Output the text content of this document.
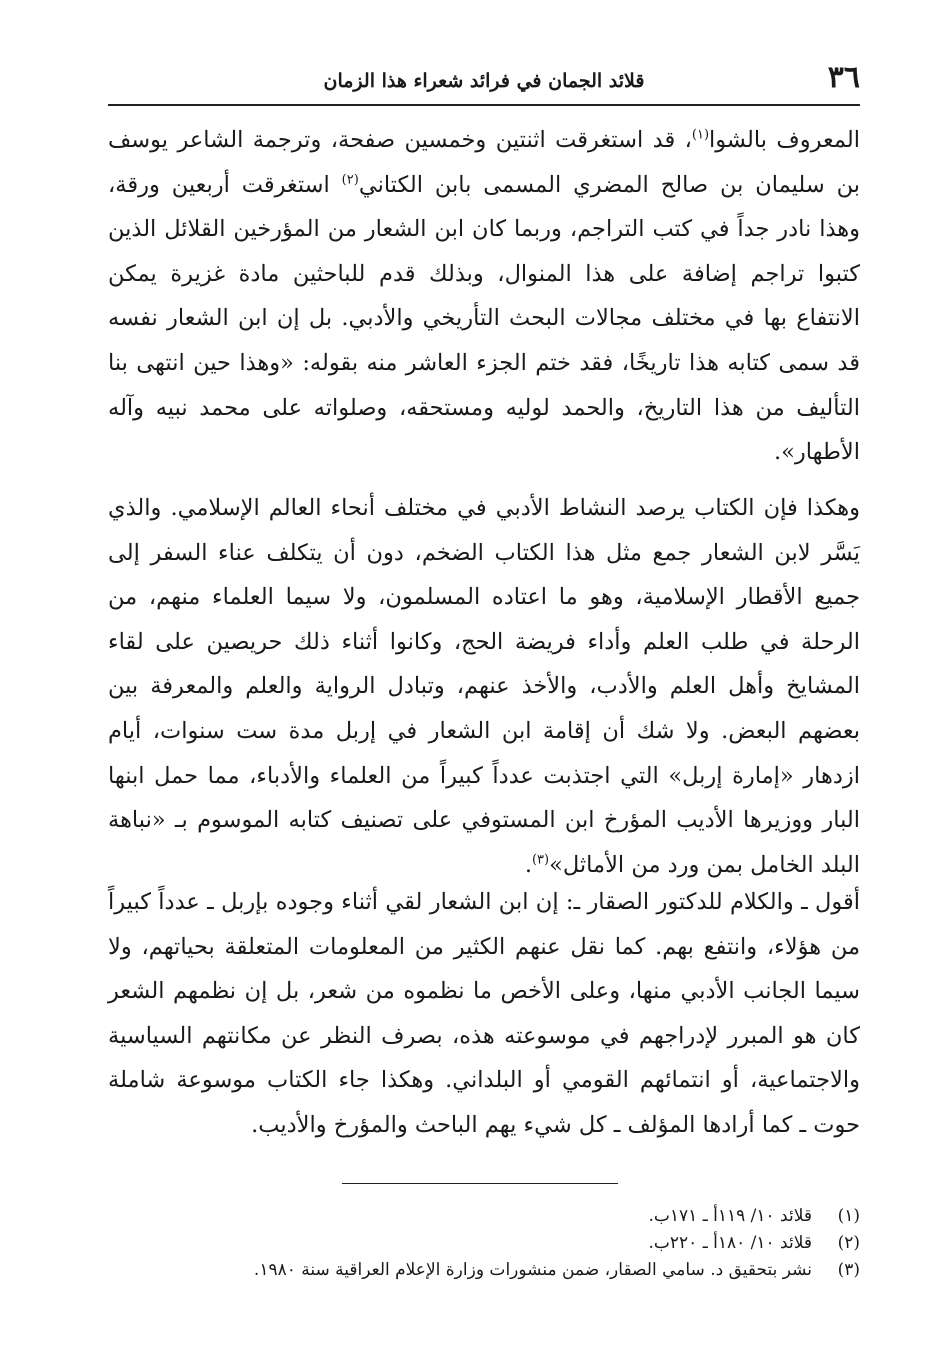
٣٦
قلائد الجمان في فرائد شعراء هذا الزمان
المعروف بالشوا$^{(١)}$، قد استغرقت اثنتين وخمسين صفحة، وترجمة الشاعر يوسف بن سليمان بن صالح المضري المسمى بابن الكتاني$^{(٢)}$ استغرقت أربعين ورقة، وهذا نادر جداً في كتب التراجم، وربما كان ابن الشعار من المؤرخين القلائل الذين كتبوا تراجم إضافة على هذا المنوال، وبذلك قدم للباحثين مادة غزيرة يمكن الانتفاع بها في مختلف مجالات البحث التأريخي والأدبي. بل إن ابن الشعار نفسه قد سمى كتابه هذا تاريخًا، فقد ختم الجزء العاشر منه بقوله: «وهذا حين انتهى بنا التأليف من هذا التاريخ، والحمد لوليه ومستحقه، وصلواته على محمد نبيه وآله الأطهار».
وهكذا فإن الكتاب يرصد النشاط الأدبي في مختلف أنحاء العالم الإسلامي. والذي يَسَّر لابن الشعار جمع مثل هذا الكتاب الضخم، دون أن يتكلف عناء السفر إلى جميع الأقطار الإسلامية، وهو ما اعتاده المسلمون، ولا سيما العلماء منهم، من الرحلة في طلب العلم وأداء فريضة الحج، وكانوا أثناء ذلك حريصين على لقاء المشايخ وأهل العلم والأدب، والأخذ عنهم، وتبادل الرواية والعلم والمعرفة بين بعضهم البعض. ولا شك أن إقامة ابن الشعار في إربل مدة ست سنوات، أيام ازدهار «إمارة إربل» التي اجتذبت عدداً كبيراً من العلماء والأدباء، مما حمل ابنها البار ووزيرها الأديب المؤرخ ابن المستوفي على تصنيف كتابه الموسوم بـ «نباهة البلد الخامل بمن ورد من الأماثل»$^{(٣)}$.
أقول ـ والكلام للدكتور الصقار ـ: إن ابن الشعار لقي أثناء وجوده بإربل ـ عدداً كبيراً من هؤلاء، وانتفع بهم. كما نقل عنهم الكثير من المعلومات المتعلقة بحياتهم، ولا سيما الجانب الأدبي منها، وعلى الأخص ما نظموه من شعر، بل إن نظمهم الشعر كان هو المبرر لإدراجهم في موسوعته هذه، بصرف النظر عن مكانتهم السياسية والاجتماعية، أو انتمائهم القومي أو البلداني. وهكذا جاء الكتاب موسوعة شاملة حوت ـ كما أرادها المؤلف ـ كل شيء يهم الباحث والمؤرخ والأديب.
(١)
قلائد ١٠/ ١١٩أ ـ ١٧١ب.
(٢)
قلائد ١٠/ ١٨٠أ ـ ٢٢٠ب.
(٣)
نشر بتحقيق د. سامي الصقار، ضمن منشورات وزارة الإعلام العراقية سنة ١٩٨٠.
